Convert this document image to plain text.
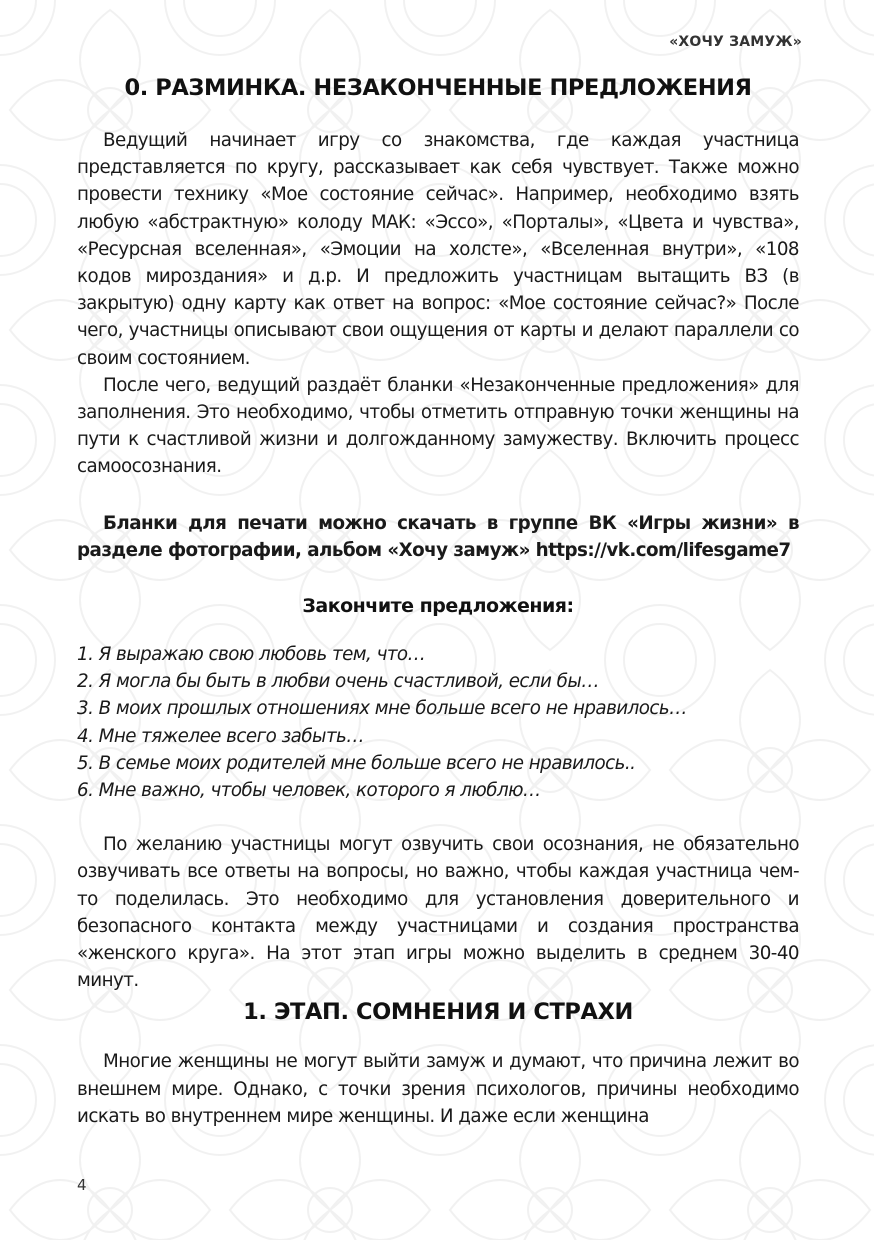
«ХОЧУ ЗАМУЖ»
0. РАЗМИНКА. НЕЗАКОНЧЕННЫЕ ПРЕДЛОЖЕНИЯ

Ведущий начинает игру со знакомства, где каждая участница представляется по кругу, рассказывает как себя чувствует. Также можно провести технику «Мое состояние сейчас». Например, необходимо взять любую «абстрактную» колоду МАК: «Эссо», «Порталы», «Цвета и чувства», «Ресурсная вселенная», «Эмоции на холсте», «Вселенная внутри», «108 кодов мироздания» и д.р. И предложить участницам вытащить ВЗ (в закрытую) одну карту как ответ на вопрос: «Мое состояние сейчас?» После чего, участницы описывают свои ощущения от карты и делают параллели со своим состоянием.

После чего, ведущий раздаёт бланки «Незаконченные предложения» для заполнения. Это необходимо, чтобы отметить отправную точки женщины на пути к счастливой жизни и долгожданному замужеству. Включить процесс самоосознания.

Бланки для печати можно скачать в группе ВК «Игры жизни» в разделе фотографии, альбом «Хочу замуж» https://vk.com/lifesgame7

Закончите предложения:
1. Я выражаю свою любовь тем, что…
2. Я могла бы быть в любви очень счастливой, если бы…
3. В моих прошлых отношениях мне больше всего не нравилось…
4. Мне тяжелее всего забыть…
5. В семье моих родителей мне больше всего не нравилось..
6. Мне важно, чтобы человек, которого я люблю…

По желанию участницы могут озвучить свои осознания, не обязательно озвучивать все ответы на вопросы, но важно, чтобы каждая участница чем-то поделилась. Это необходимо для установления доверительного и безопасного контакта между участницами и создания пространства «женского круга». На этот этап игры можно выделить в среднем 30-40 минут.

1. ЭТАП. СОМНЕНИЯ И СТРАХИ

Многие женщины не могут выйти замуж и думают, что причина лежит во внешнем мире. Однако, с точки зрения психологов, причины необходимо искать во внутреннем мире женщины. И даже если женщина

4
